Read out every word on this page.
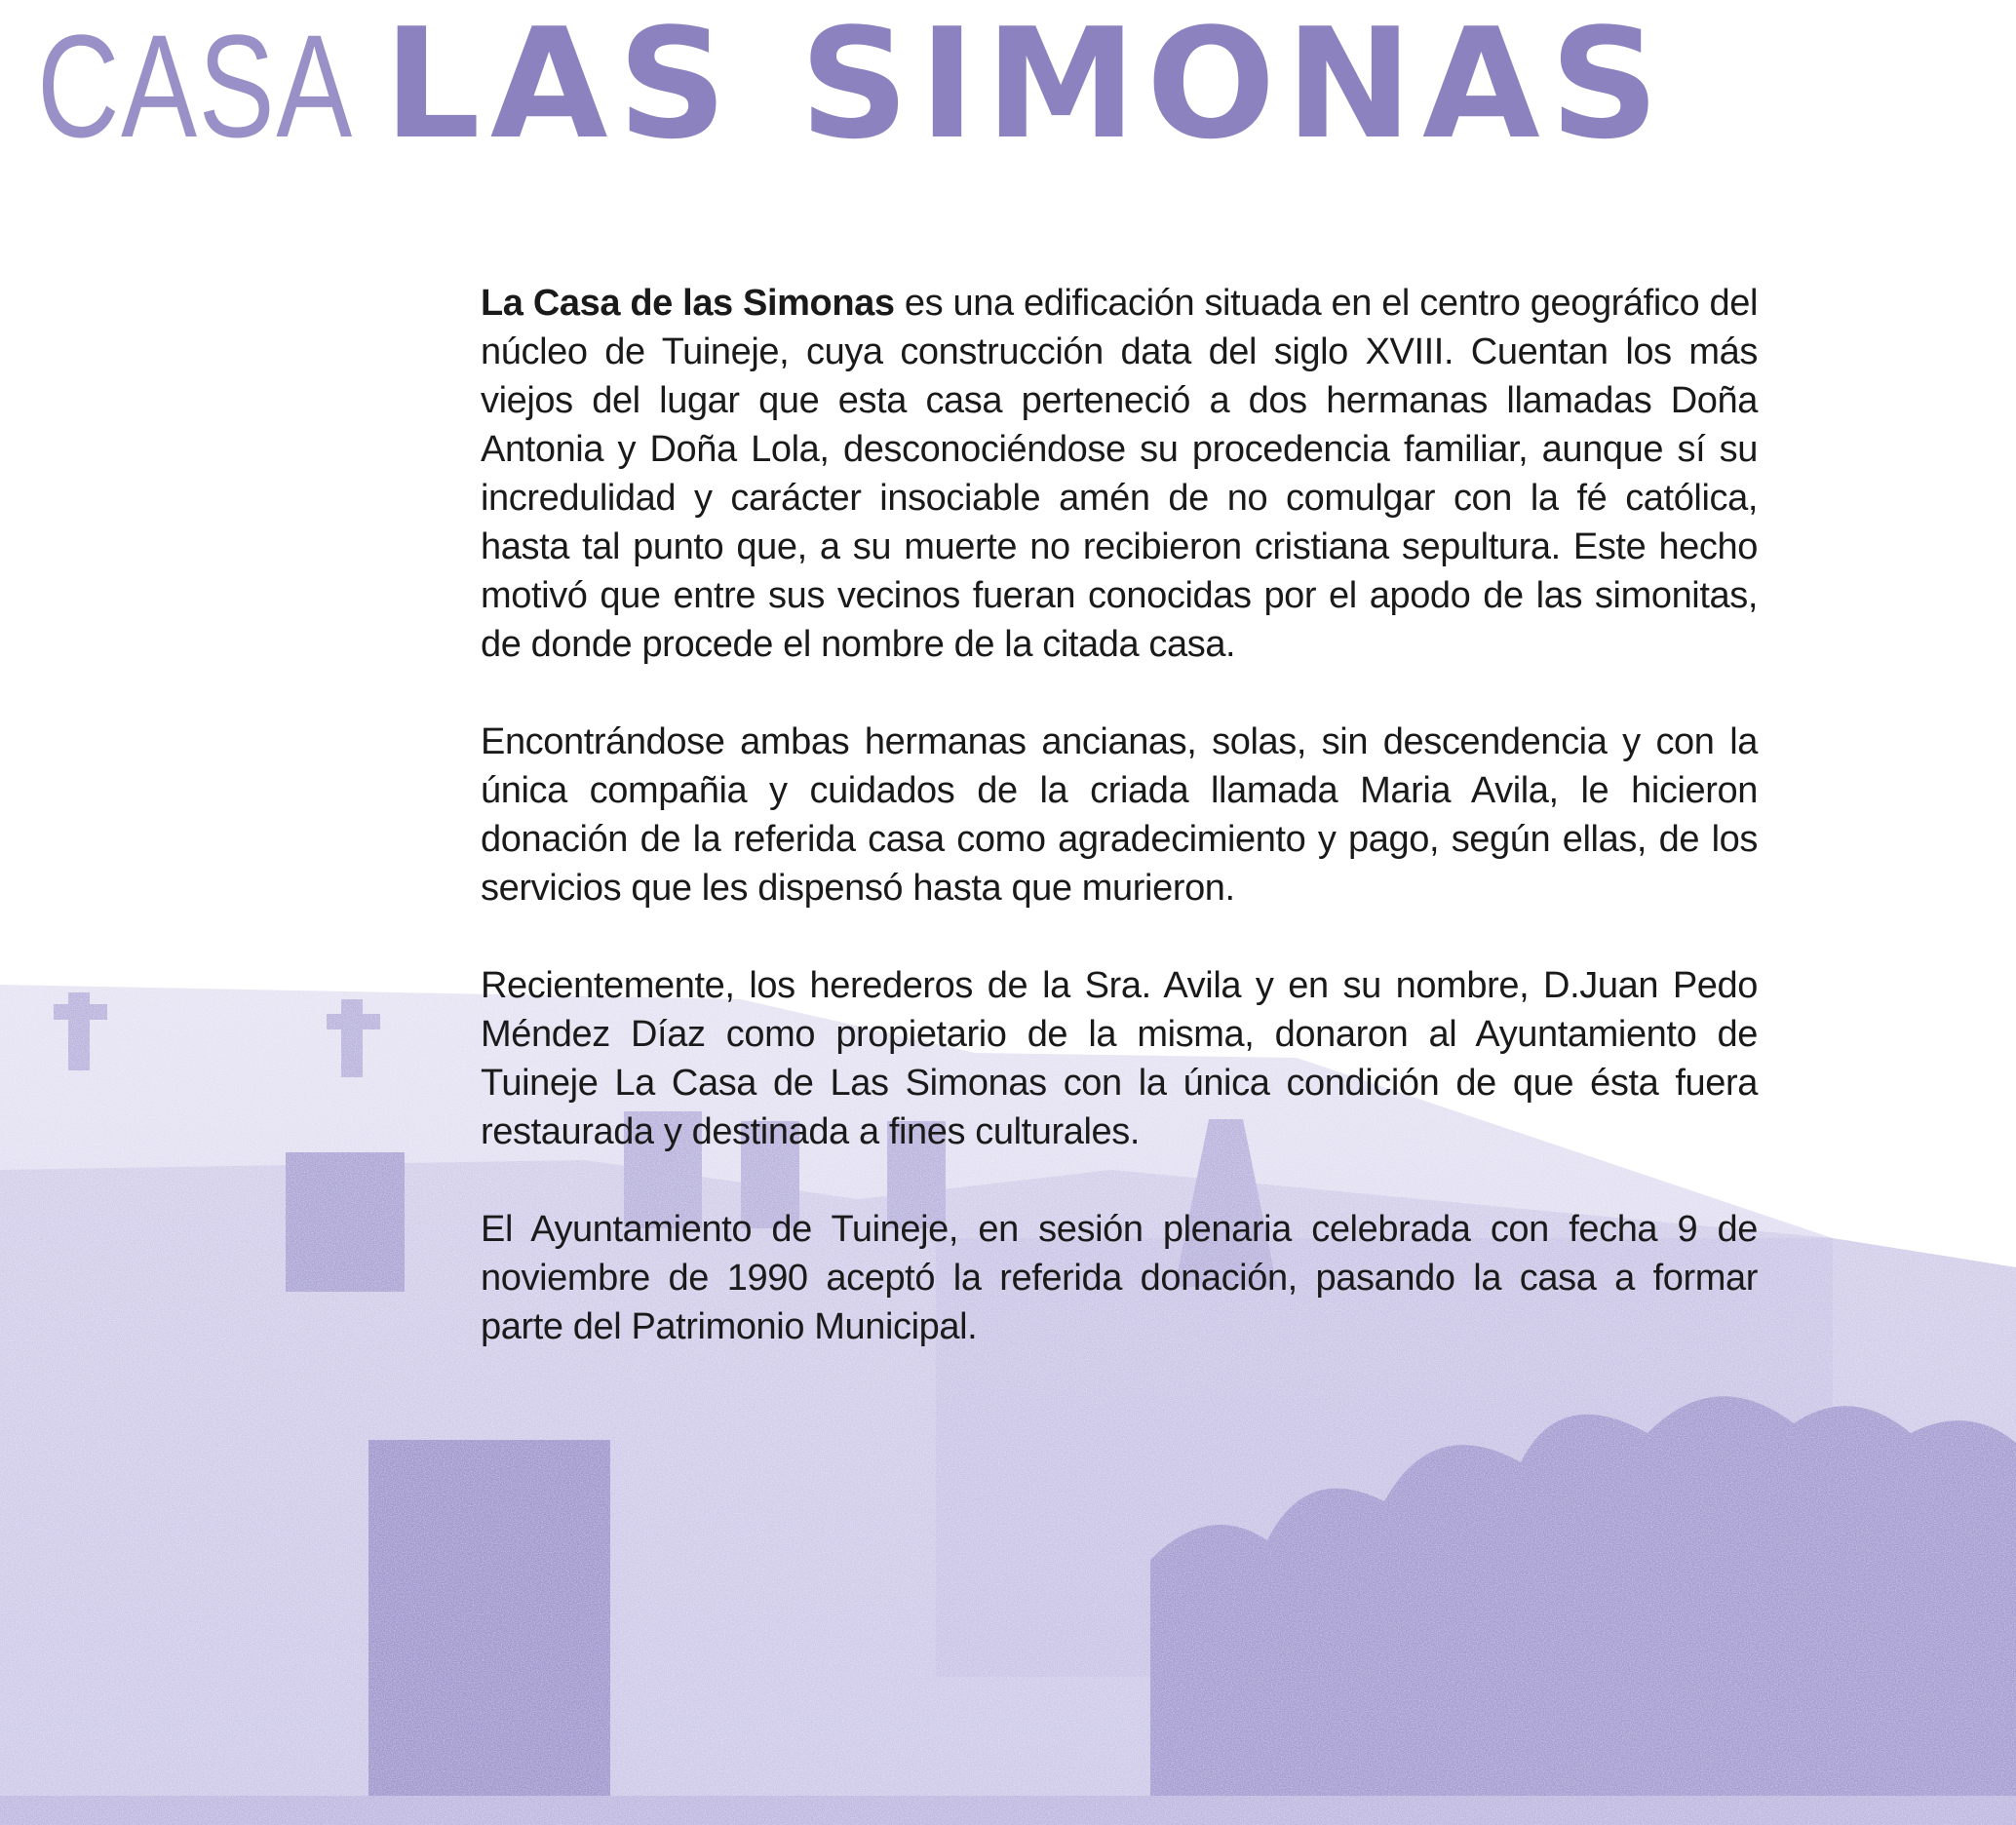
CASA LAS SIMONAS

La Casa de las Simonas es una edificación situada en el centro geográfico del núcleo de Tuineje, cuya construcción data del siglo XVIII. Cuentan los más viejos del lugar que esta casa perteneció a dos hermanas llamadas Doña Antonia y Doña Lola, desconociéndose su procedencia familiar, aunque sí su incredulidad y carácter insociable amén de no comulgar con la fé católica, hasta tal punto que, a su muerte no recibieron cristiana sepultura. Este hecho motivó que entre sus vecinos fueran conocidas por el apodo de las simonitas, de donde procede el nombre de la citada casa.

Encontrándose ambas hermanas ancianas, solas, sin descendencia y con la única compañia y cuidados de la criada llamada Maria Avila, le hicieron donación de la referida casa como agradecimiento y pago, según ellas, de los servicios que les dispensó hasta que murieron.

Recientemente, los herederos de la Sra. Avila y en su nombre, D.Juan Pedo Méndez Díaz como propietario de la misma, donaron al Ayuntamiento de Tuineje La Casa de Las Simonas con la única condición de que ésta fuera restaurada y destinada a fines culturales.

El Ayuntamiento de Tuineje, en sesión plenaria celebrada con fecha 9 de noviembre de 1990 aceptó la referida donación, pasando la casa a formar parte del Patrimonio Municipal.
